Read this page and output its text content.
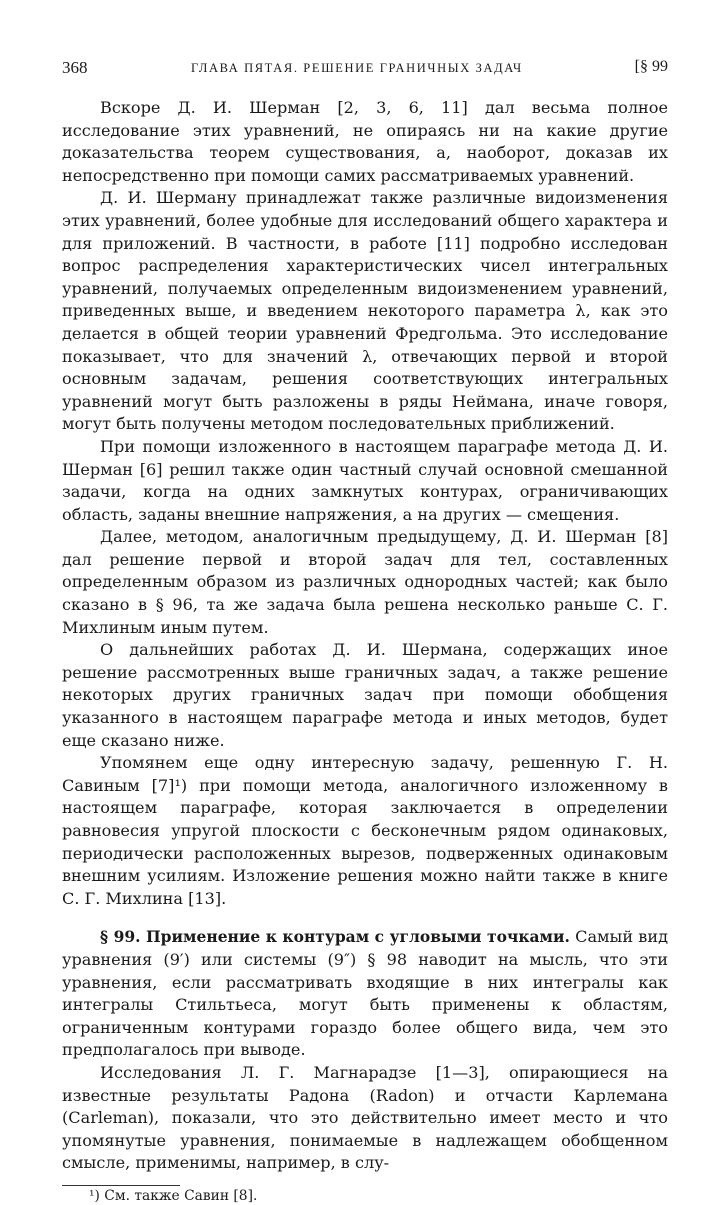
368	ГЛАВА ПЯТАЯ. РЕШЕНИЕ ГРАНИЧНЫХ ЗАДАЧ	[§ 99

Вскоре Д. И. Шерман [2, 3, 6, 11] дал весьма полное исследование этих уравнений, не опираясь ни на какие другие доказательства теорем существования, а, наоборот, доказав их непосредственно при помощи самих рассматриваемых уравнений.

Д. И. Шерману принадлежат также различные видоизменения этих уравнений, более удобные для исследований общего характера и для приложений. В частности, в работе [11] подробно исследован вопрос распределения характеристических чисел интегральных уравнений, получаемых определенным видоизменением уравнений, приведенных выше, и введением некоторого параметра λ, как это делается в общей теории уравнений Фредгольма. Это исследование показывает, что для значений λ, отвечающих первой и второй основным задачам, решения соответствующих интегральных уравнений могут быть разложены в ряды Неймана, иначе говоря, могут быть получены методом последовательных приближений.

При помощи изложенного в настоящем параграфе метода Д. И. Шерман [6] решил также один частный случай основной смешанной задачи, когда на одних замкнутых контурах, ограничивающих область, заданы внешние напряжения, а на других — смещения.

Далее, методом, аналогичным предыдущему, Д. И. Шерман [8] дал решение первой и второй задач для тел, составленных определенным образом из различных однородных частей; как было сказано в § 96, та же задача была решена несколько раньше С. Г. Михлиным иным путем.

О дальнейших работах Д. И. Шермана, содержащих иное решение рассмотренных выше граничных задач, а также решение некоторых других граничных задач при помощи обобщения указанного в настоящем параграфе метода и иных методов, будет еще сказано ниже.

Упомянем еще одну интересную задачу, решенную Г. Н. Савиным [7]¹) при помощи метода, аналогичного изложенному в настоящем параграфе, которая заключается в определении равновесия упругой плоскости с бесконечным рядом одинаковых, периодически расположенных вырезов, подверженных одинаковым внешним усилиям. Изложение решения можно найти также в книге С. Г. Михлина [13].

§ 99. Применение к контурам с угловыми точками. Самый вид уравнения (9′) или системы (9″) § 98 наводит на мысль, что эти уравнения, если рассматривать входящие в них интегралы как интегралы Стильтьеса, могут быть применены к областям, ограниченным контурами гораздо более общего вида, чем это предполагалось при выводе.

Исследования Л. Г. Магнарадзе [1—3], опирающиеся на известные результаты Радона (Radon) и отчасти Карлемана (Carleman), показали, что это действительно имеет место и что упомянутые уравнения, понимаемые в надлежащем обобщенном смысле, применимы, например, в слу-

¹) См. также Савин [8].
